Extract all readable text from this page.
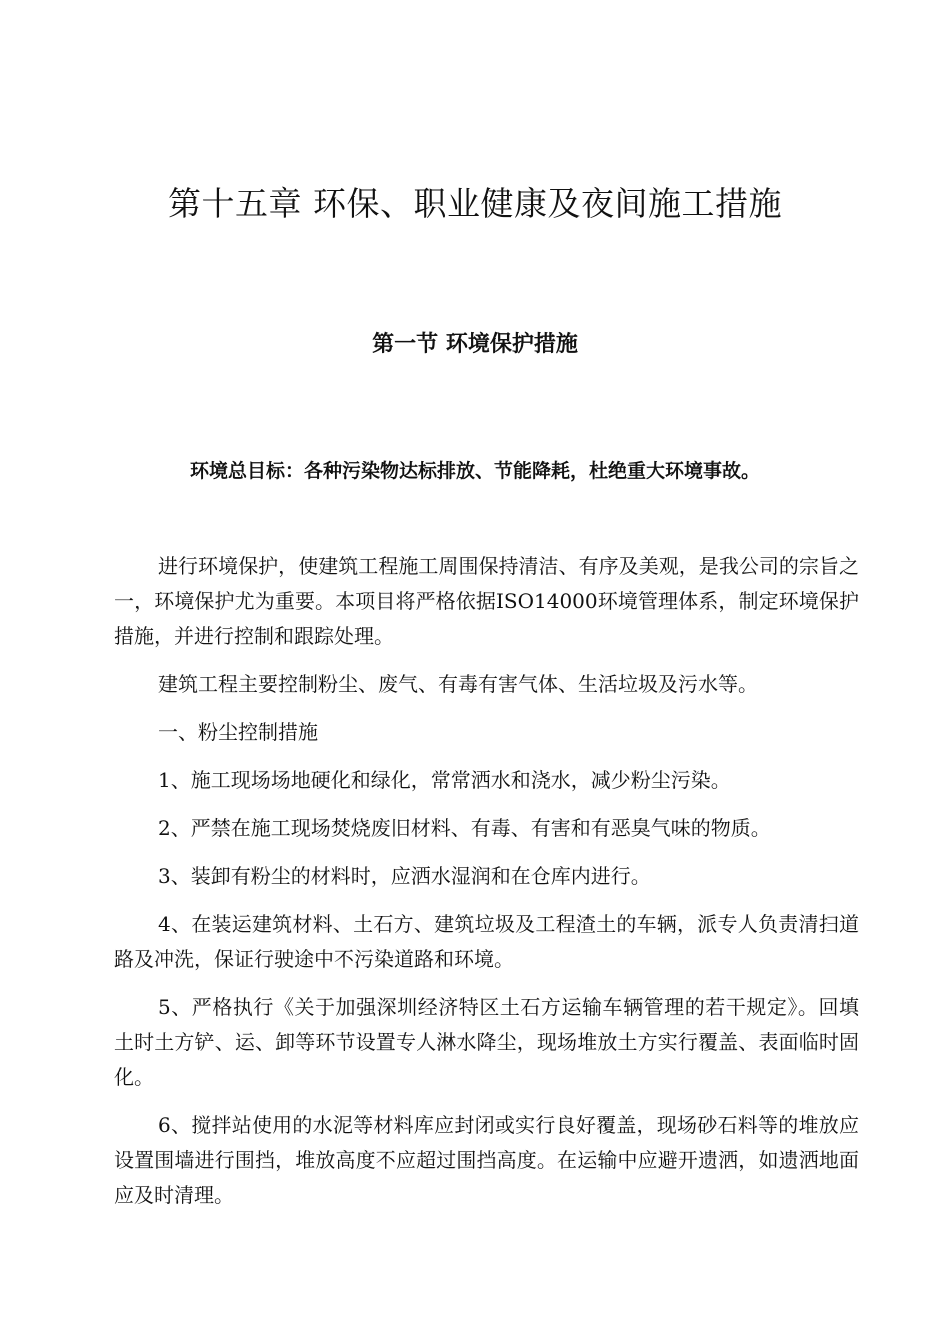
第十五章 环保、职业健康及夜间施工措施
第一节 环境保护措施

环境总目标：各种污染物达标排放、节能降耗，杜绝重大环境事故。

进行环境保护，使建筑工程施工周围保持清洁、有序及美观，是我公司的宗旨之一，环境保护尤为重要。本项目将严格依据ISO14000环境管理体系，制定环境保护措施，并进行控制和跟踪处理。

建筑工程主要控制粉尘、废气、有毒有害气体、生活垃圾及污水等。

一、粉尘控制措施

1、施工现场场地硬化和绿化，常常洒水和浇水，减少粉尘污染。

2、严禁在施工现场焚烧废旧材料、有毒、有害和有恶臭气味的物质。

3、装卸有粉尘的材料时，应洒水湿润和在仓库内进行。

4、在装运建筑材料、土石方、建筑垃圾及工程渣土的车辆，派专人负责清扫道路及冲洗，保证行驶途中不污染道路和环境。

5、严格执行《关于加强深圳经济特区土石方运输车辆管理的若干规定》。回填土时土方铲、运、卸等环节设置专人淋水降尘，现场堆放土方实行覆盖、表面临时固化。

6、搅拌站使用的水泥等材料库应封闭或实行良好覆盖，现场砂石料等的堆放应设置围墙进行围挡，堆放高度不应超过围挡高度。在运输中应避开遗洒，如遗洒地面应及时清理。
